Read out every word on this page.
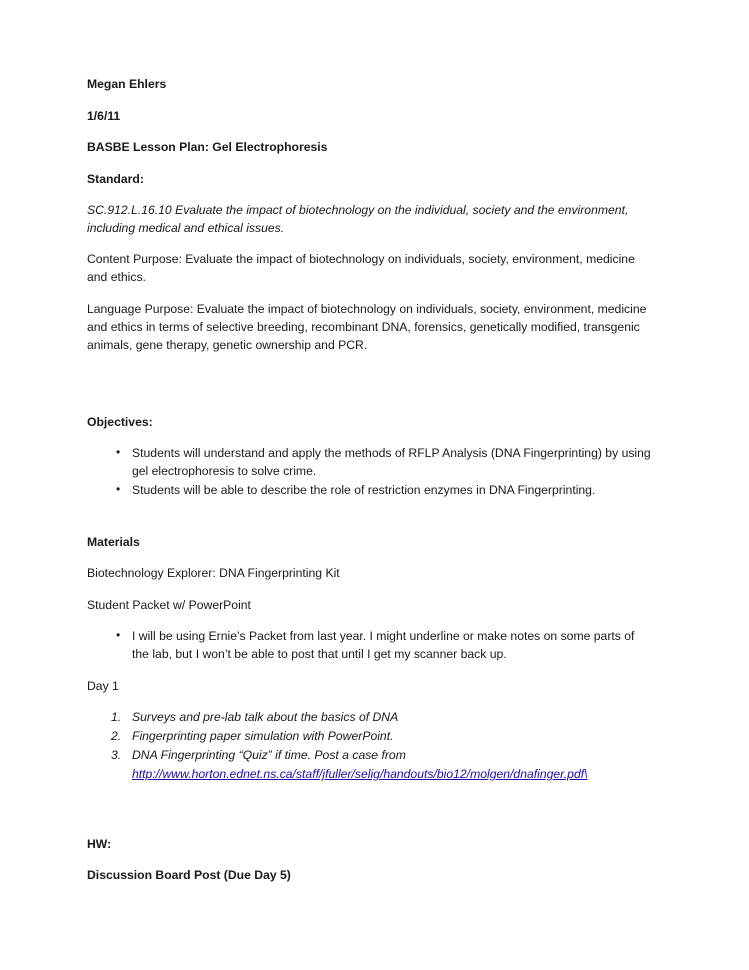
Megan Ehlers
1/6/11
BASBE Lesson Plan: Gel Electrophoresis
Standard:
SC.912.L.16.10 Evaluate the impact of biotechnology on the individual, society and the environment,
including medical and ethical issues.
Content Purpose: Evaluate the impact of biotechnology on individuals, society, environment, medicine
and ethics.
Language Purpose: Evaluate the impact of biotechnology on individuals, society, environment, medicine
and ethics in terms of selective breeding, recombinant DNA, forensics, genetically modified, transgenic
animals, gene therapy, genetic ownership and PCR.
Objectives:
• Students will understand and apply the methods of RFLP Analysis (DNA Fingerprinting) by using
gel electrophoresis to solve crime.
• Students will be able to describe the role of restriction enzymes in DNA Fingerprinting.
Materials
Biotechnology Explorer: DNA Fingerprinting Kit
Student Packet w/ PowerPoint
• I will be using Ernie’s Packet from last year. I might underline or make notes on some parts of
the lab, but I won’t be able to post that until I get my scanner back up.
Day 1
1. Surveys and pre-lab talk about the basics of DNA
2. Fingerprinting paper simulation with PowerPoint.
3. DNA Fingerprinting “Quiz” if time. Post a case from
http://www.horton.ednet.ns.ca/staff/jfuller/selig/handouts/bio12/molgen/dnafinger.pdf\
HW:
Discussion Board Post (Due Day 5)
